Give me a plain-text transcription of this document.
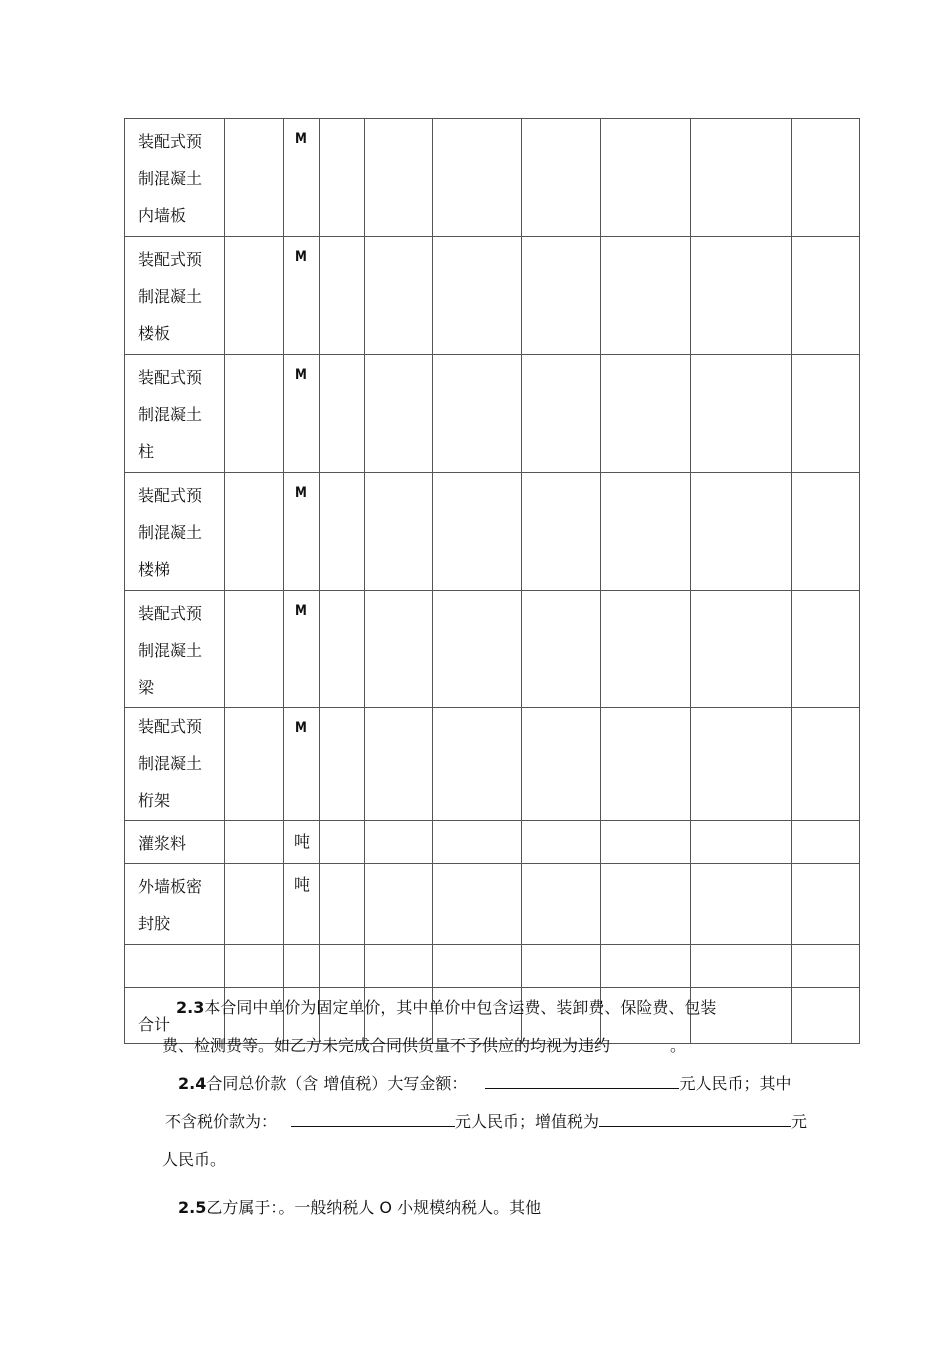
装配式预
制混凝土
内墙板		M							

装配式预
制混凝土
楼板		M							

装配式预
制混凝土
柱		M							

装配式预
制混凝土
楼梯		M							

装配式预
制混凝土
梁		M							

装配式预
制混凝土
桁架		M							

灌浆料		吨							

外墙板密
封胶		吨							

合计									

2.3本合同中单价为固定单价，其中单价中包含运费、装卸费、保险费、包装
费、检测费等。如乙方未完成合同供货量不予供应的均视为违约	。
2.4合同总价款（含 增值税）大写金额：	元人民币；其中
不含税价款为：	元人民币；增值税为	元
人民币。
2.5乙方属于：。一般纳税人 O 小规模纳税人。其他
